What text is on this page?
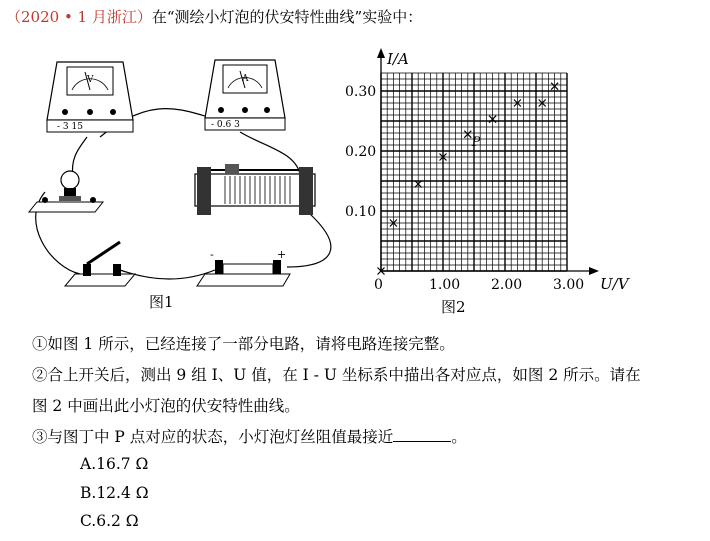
（2020 • 1 月浙江）在“测绘小灯泡的伏安特性曲线”实验中：
V
- 3 15
A
- 0.6 3
-	+
图1
1.00 2.00 3.00
0.10
0.20
0.30
I/A
U/V
0
P
图2
①如图 1 所示，已经连接了一部分电路，请将电路连接完整。
②合上开关后，测出 9 组 I、U 值，在 I - U 坐标系中描出各对应点，如图 2 所示。请在
图 2 中画出此小灯泡的伏安特性曲线。
③与图丁中 P 点对应的状态，小灯泡灯丝阻值最接近	。
A.16.7 Ω
B.12.4 Ω
C.6.2 Ω
